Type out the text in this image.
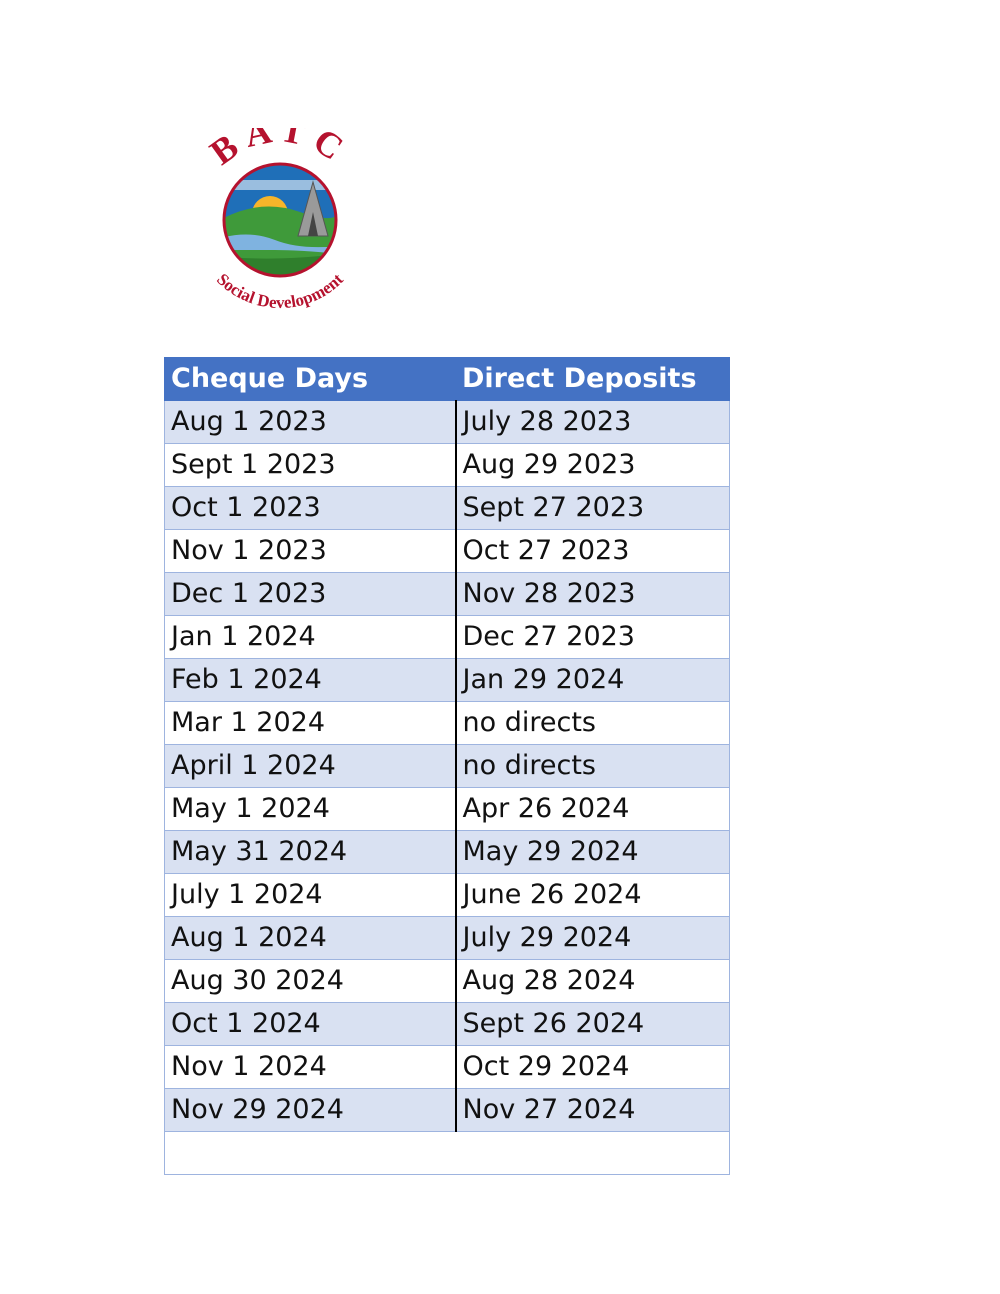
BATC
Social Development
Cheque Days	Direct Deposits
Aug 1 2023	July 28 2023
Sept 1 2023	Aug 29 2023
Oct 1 2023	Sept 27 2023
Nov 1 2023	Oct 27 2023
Dec 1 2023	Nov 28 2023
Jan 1 2024	Dec 27 2023
Feb 1 2024	Jan 29 2024
Mar 1 2024	no directs
April 1 2024	no directs
May 1 2024	Apr 26 2024
May 31 2024	May 29 2024
July 1 2024	June 26 2024
Aug 1 2024	July 29 2024
Aug 30 2024	Aug 28 2024
Oct 1 2024	Sept 26 2024
Nov 1 2024	Oct 29 2024
Nov 29 2024	Nov 27 2024
